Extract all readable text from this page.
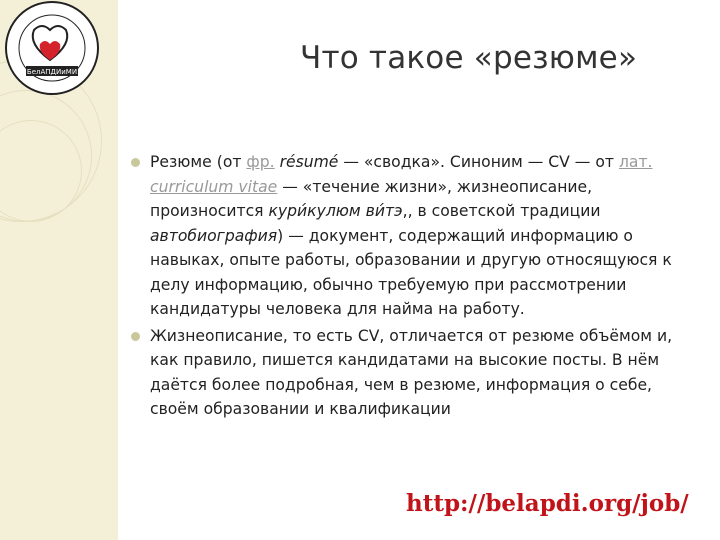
БелАПДИиМИ	Что такое «резюме»
Резюме (от фр. résumé — «сводка». Синоним — CV — от лат. curriculum vitae — «течение жизни», жизнеописание, произносится кури́кулюм ви́тэ,, в советской традиции автобиография) — документ, содержащий информацию о навыках, опыте работы, образовании и другую относящуюся к делу информацию, обычно требуемую при рассмотрении кандидатуры человека для найма на работу.
Жизнеописание, то есть CV, отличается от резюме объёмом и, как правило, пишется кандидатами на высокие посты. В нём даётся более подробная, чем в резюме, информация о себе, своём образовании и квалификации
http://belapdi.org/job/
